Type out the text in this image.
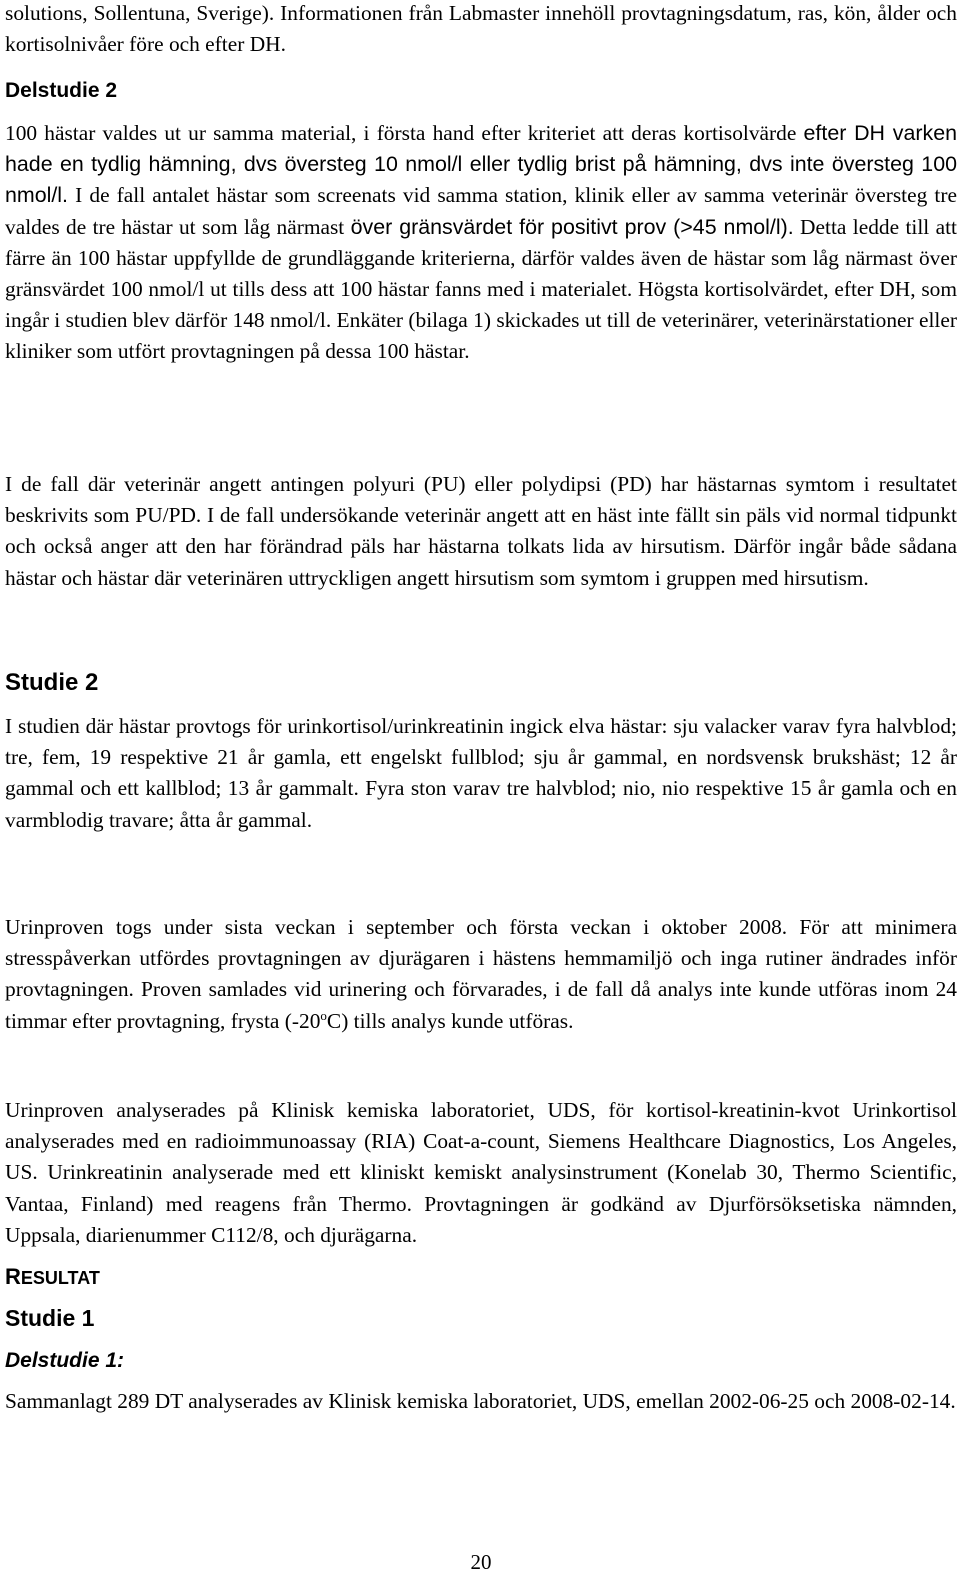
solutions, Sollentuna, Sverige). Informationen från Labmaster innehöll provtagningsdatum, ras, kön, ålder och kortisolnivåer före och efter DH.

Delstudie 2

100 hästar valdes ut ur samma material, i första hand efter kriteriet att deras kortisolvärde efter DH varken hade en tydlig hämning, dvs översteg 10 nmol/l eller tydlig brist på hämning, dvs inte översteg 100 nmol/l. I de fall antalet hästar som screenats vid samma station, klinik eller av samma veterinär översteg tre valdes de tre hästar ut som låg närmast över gränsvärdet för positivt prov (>45 nmol/l). Detta ledde till att färre än 100 hästar uppfyllde de grundläggande kriterierna, därför valdes även de hästar som låg närmast över gränsvärdet 100 nmol/l ut tills dess att 100 hästar fanns med i materialet. Högsta kortisolvärdet, efter DH, som ingår i studien blev därför 148 nmol/l. Enkäter (bilaga 1) skickades ut till de veterinärer, veterinärstationer eller kliniker som utfört provtagningen på dessa 100 hästar.

I de fall där veterinär angett antingen polyuri (PU) eller polydipsi (PD) har hästarnas symtom i resultatet beskrivits som PU/PD. I de fall undersökande veterinär angett att en häst inte fällt sin päls vid normal tidpunkt och också anger att den har förändrad päls har hästarna tolkats lida av hirsutism. Därför ingår både sådana hästar och hästar där veterinären uttryckligen angett hirsutism som symtom i gruppen med hirsutism.

Studie 2

I studien där hästar provtogs för urinkortisol/urinkreatinin ingick elva hästar: sju valacker varav fyra halvblod; tre, fem, 19 respektive 21 år gamla, ett engelskt fullblod; sju år gammal, en nordsvensk brukshäst; 12 år gammal och ett kallblod; 13 år gammalt. Fyra ston varav tre halvblod; nio, nio respektive 15 år gamla och en varmblodig travare; åtta år gammal.

Urinproven togs under sista veckan i september och första veckan i oktober 2008. För att minimera stresspåverkan utfördes provtagningen av djurägaren i hästens hemmamiljö och inga rutiner ändrades inför provtagningen. Proven samlades vid urinering och förvarades, i de fall då analys inte kunde utföras inom 24 timmar efter provtagning, frysta (-20$^o$C) tills analys kunde utföras.

Urinproven analyserades på Klinisk kemiska laboratoriet, UDS, för kortisol-kreatinin-kvot Urinkortisol analyserades med en radioimmunoassay (RIA) Coat-a-count, Siemens Healthcare Diagnostics, Los Angeles, US. Urinkreatinin analyserade med ett kliniskt kemiskt analysinstrument (Konelab 30, Thermo Scientific, Vantaa, Finland) med reagens från Thermo. Provtagningen är godkänd av Djurförsöksetiska nämnden, Uppsala, diarienummer C112/8, och djurägarna.

RESULTAT
Studie 1
Delstudie 1:

Sammanlagt 289 DT analyserades av Klinisk kemiska laboratoriet, UDS, emellan 2002-06-25 och 2008-02-14.

20
